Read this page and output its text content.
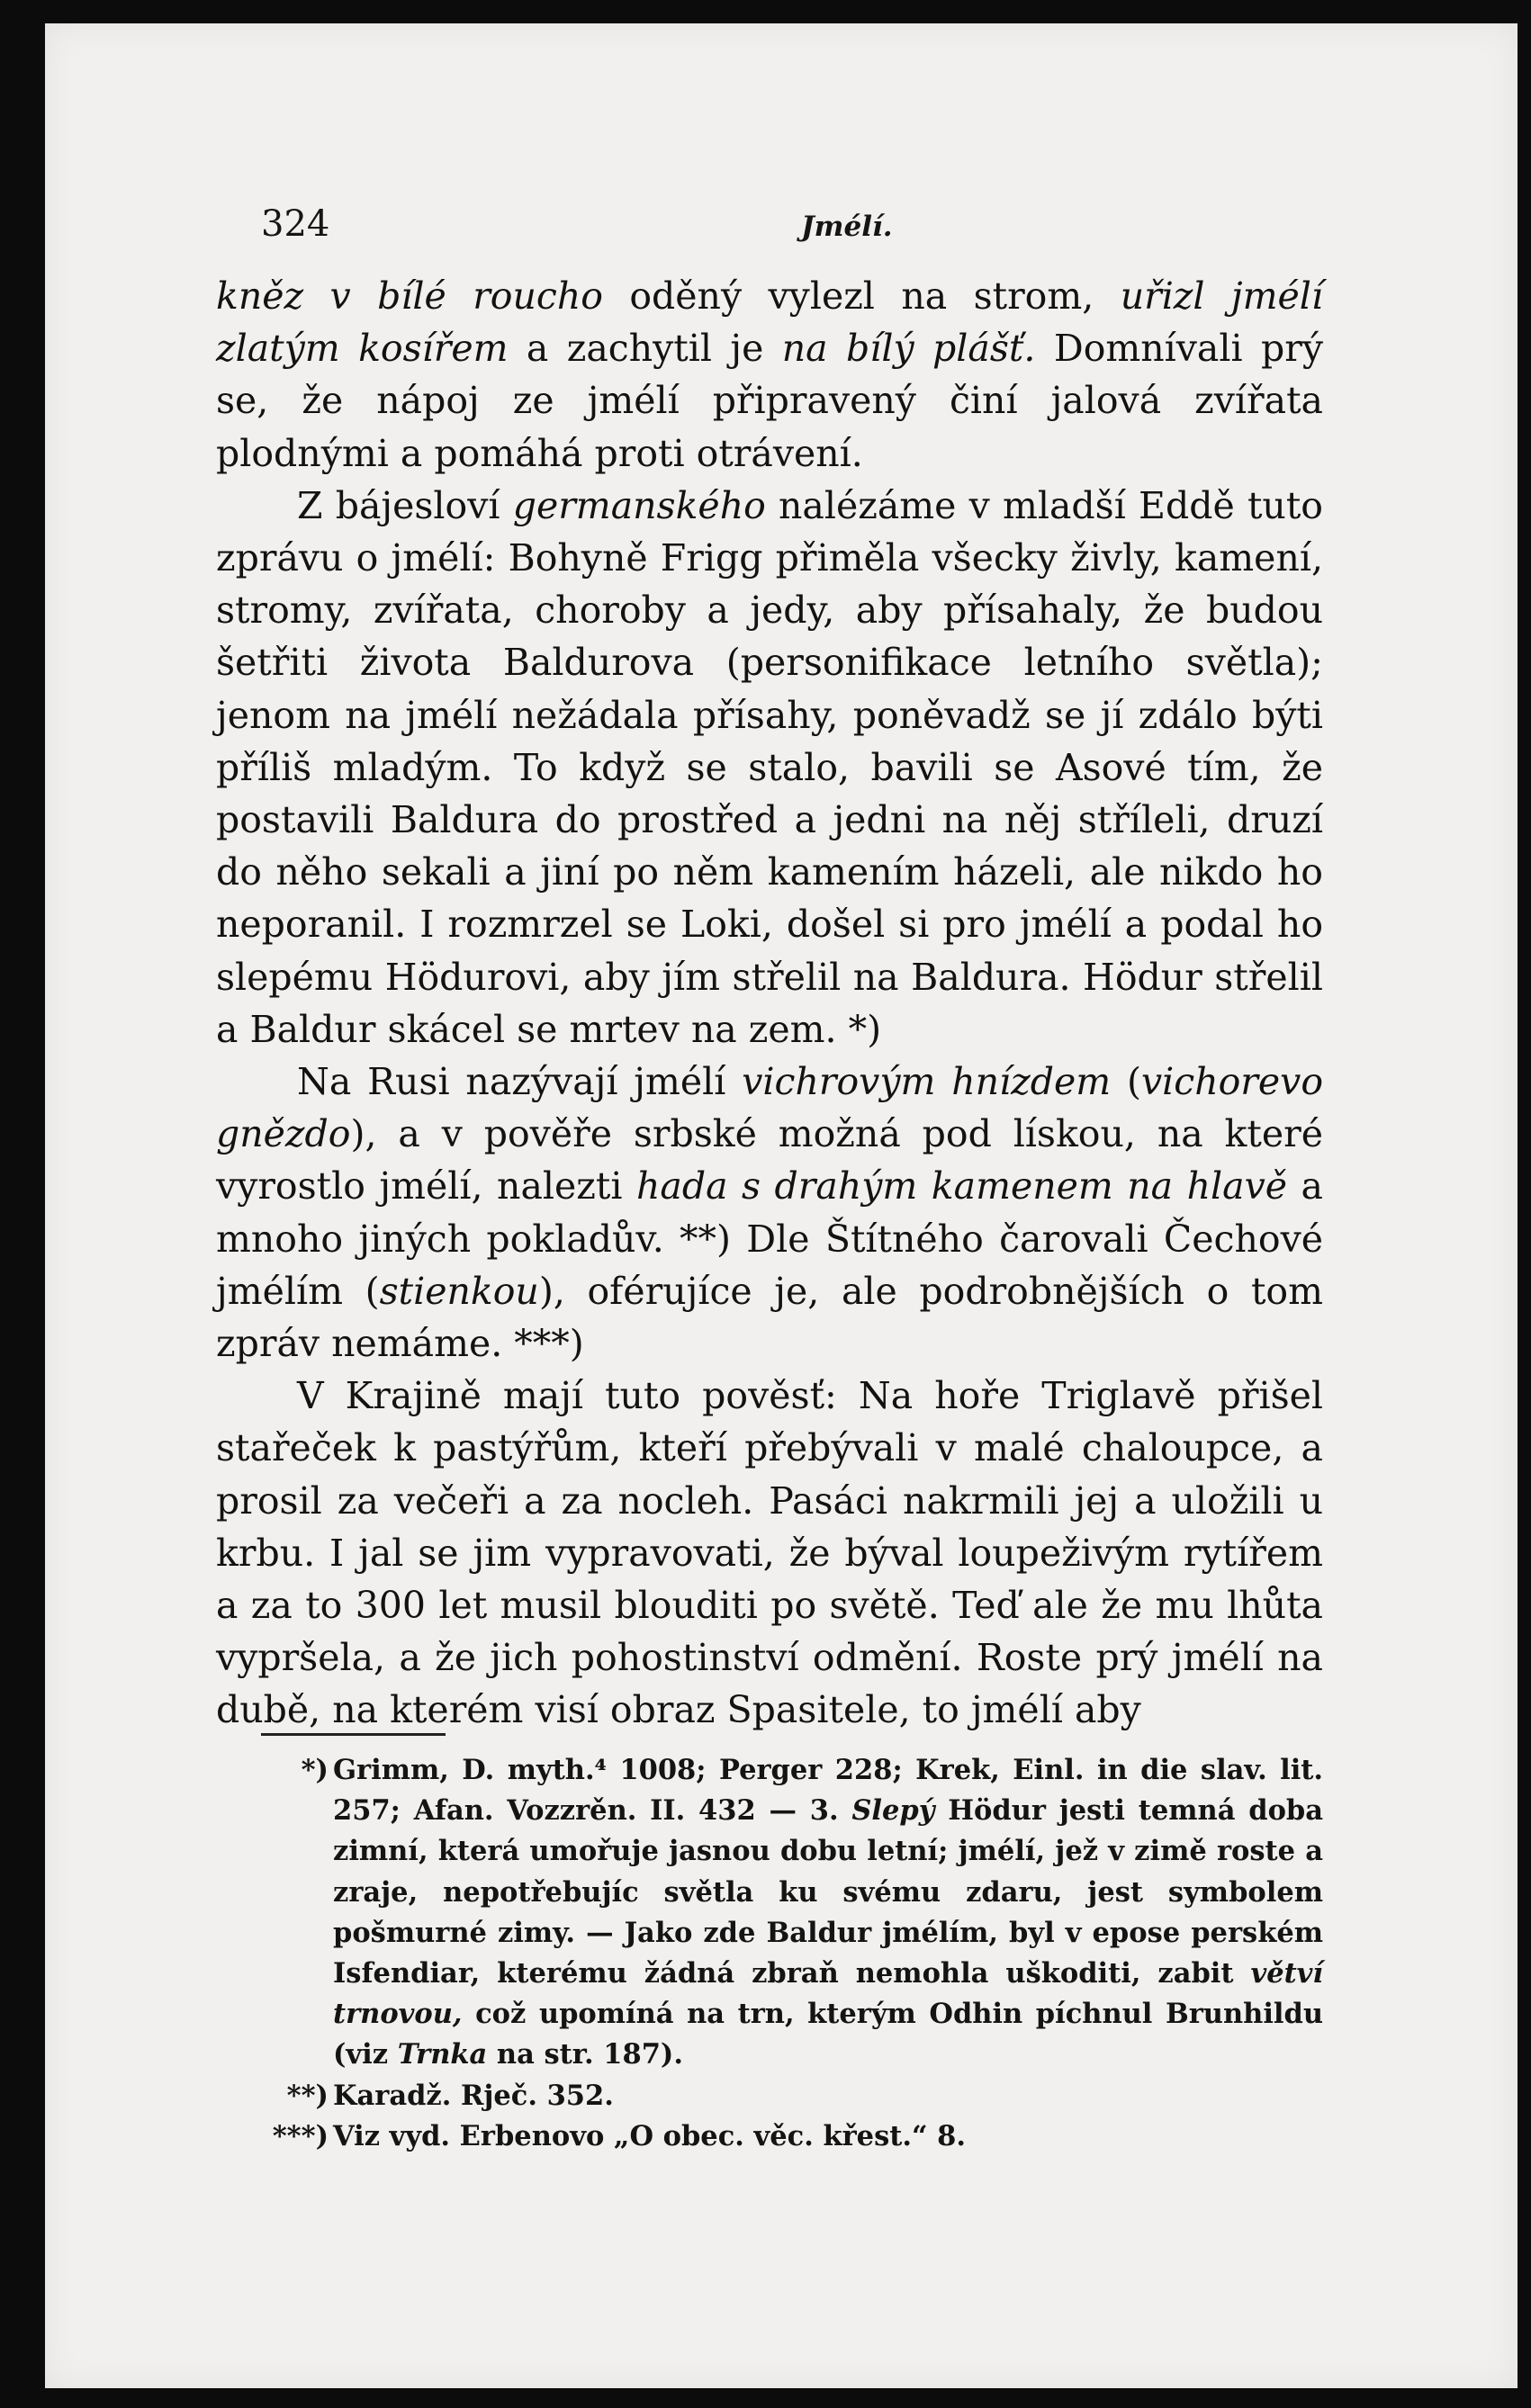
324	Jmélí.

kněz v bílé roucho oděný vylezl na strom, uřizl jmélí zlatým kosířem a zachytil je na bílý plášť. Domnívali prý se, že nápoj ze jmélí připravený činí jalová zvířata plodnými a pomáhá proti otrávení.

Z bájesloví germanského nalézáme v mladší Eddě tuto zprávu o jmélí: Bohyně Frigg přiměla všecky živly, kamení, stromy, zvířata, choroby a jedy, aby přísahaly, že budou šetřiti života Baldurova (personifikace letního světla); jenom na jmélí nežádala přísahy, poněvadž se jí zdálo býti příliš mladým. To když se stalo, bavili se Asové tím, že postavili Baldura do prostřed a jedni na něj stříleli, druzí do něho sekali a jiní po něm kamením házeli, ale nikdo ho neporanil. I rozmrzel se Loki, došel si pro jmélí a podal ho slepému Hödurovi, aby jím střelil na Baldura. Hödur střelil a Baldur skácel se mrtev na zem. *)

Na Rusi nazývají jmélí vichrovým hnízdem (vichorevo gnězdo), a v pověře srbské možná pod lískou, na které vyrostlo jmélí, nalezti hada s drahým kamenem na hlavě a mnoho jiných pokladův. **) Dle Štítného čarovali Čechové jmélím (stienkou), oférujíce je, ale podrobnějších o tom zpráv nemáme. ***)

V Krajině mají tuto pověsť: Na hoře Triglavě přišel stařeček k pastýřům, kteří přebývali v malé chaloupce, a prosil za večeři a za nocleh. Pasáci nakrmili jej a uložili u krbu. I jal se jim vypravovati, že býval loupeživým rytířem a za to 300 let musil blouditi po světě. Teď ale že mu lhůta vypršela, a že jich pohostinství odmění. Roste prý jmélí na dubě, na kterém visí obraz Spasitele, to jmélí aby

*) Grimm, D. myth.⁴ 1008; Perger 228; Krek, Einl. in die slav. lit. 257; Afan. Vozzrěn. II. 432 — 3. Slepý Hödur jesti temná doba zimní, která umořuje jasnou dobu letní; jmélí, jež v zimě roste a zraje, nepotřebujíc světla ku svému zdaru, jest symbolem pošmurné zimy. — Jako zde Baldur jmélím, byl v epose perském Isfendiar, kterému žádná zbraň nemohla uškoditi, zabit větví trnovou, což upomíná na trn, kterým Odhin píchnul Brunhildu (viz Trnka na str. 187).
**) Karadž. Rječ. 352.
***) Viz vyd. Erbenovo „O obec. věc. křest.“ 8.
